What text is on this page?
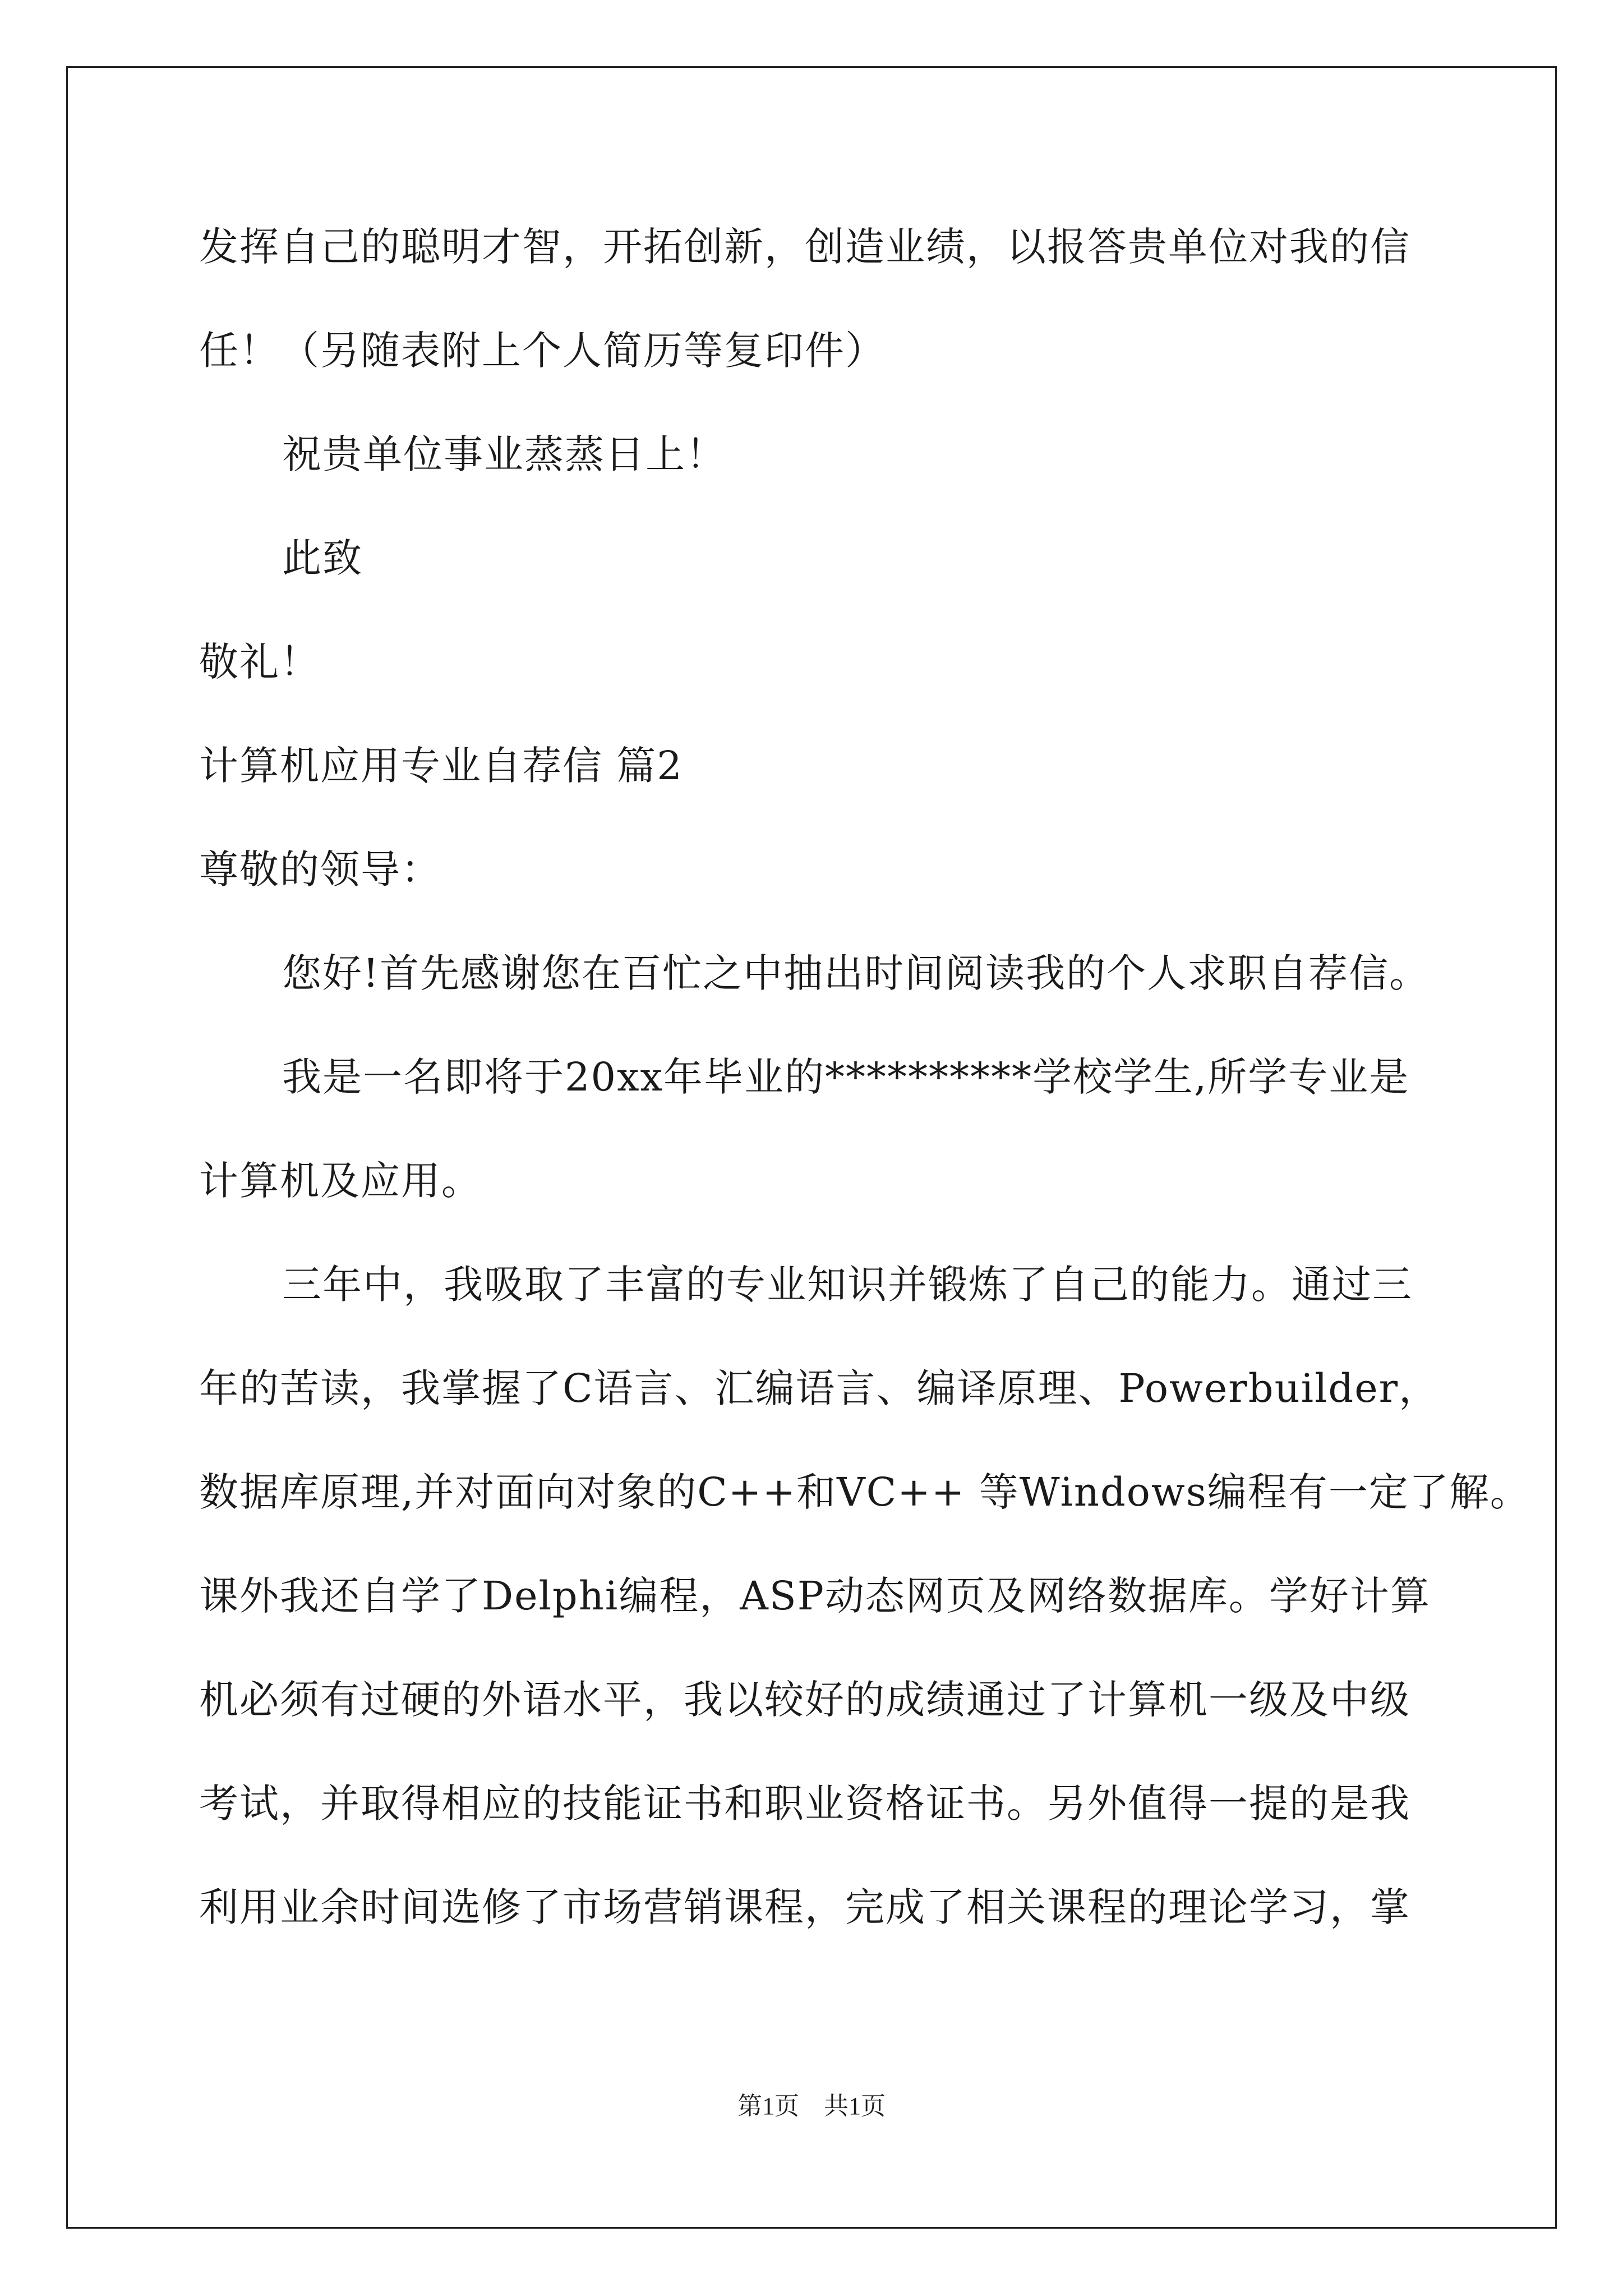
发挥自己的聪明才智，开拓创新，创造业绩，以报答贵单位对我的信
任！（另随表附上个人简历等复印件）
祝贵单位事业蒸蒸日上！
此致
敬礼！
计算机应用专业自荐信 篇2
尊敬的领导：
您好!首先感谢您在百忙之中抽出时间阅读我的个人求职自荐信。
我是一名即将于20xx年毕业的**********学校学生,所学专业是
计算机及应用。
三年中，我吸取了丰富的专业知识并锻炼了自己的能力。通过三
年的苦读，我掌握了C语言、汇编语言、编译原理、Powerbuilder，
数据库原理,并对面向对象的C++和VC++ 等Windows编程有一定了解。
课外我还自学了Delphi编程，ASP动态网页及网络数据库。学好计算
机必须有过硬的外语水平，我以较好的成绩通过了计算机一级及中级
考试，并取得相应的技能证书和职业资格证书。另外值得一提的是我
利用业余时间选修了市场营销课程，完成了相关课程的理论学习，掌
第1页　共1页
